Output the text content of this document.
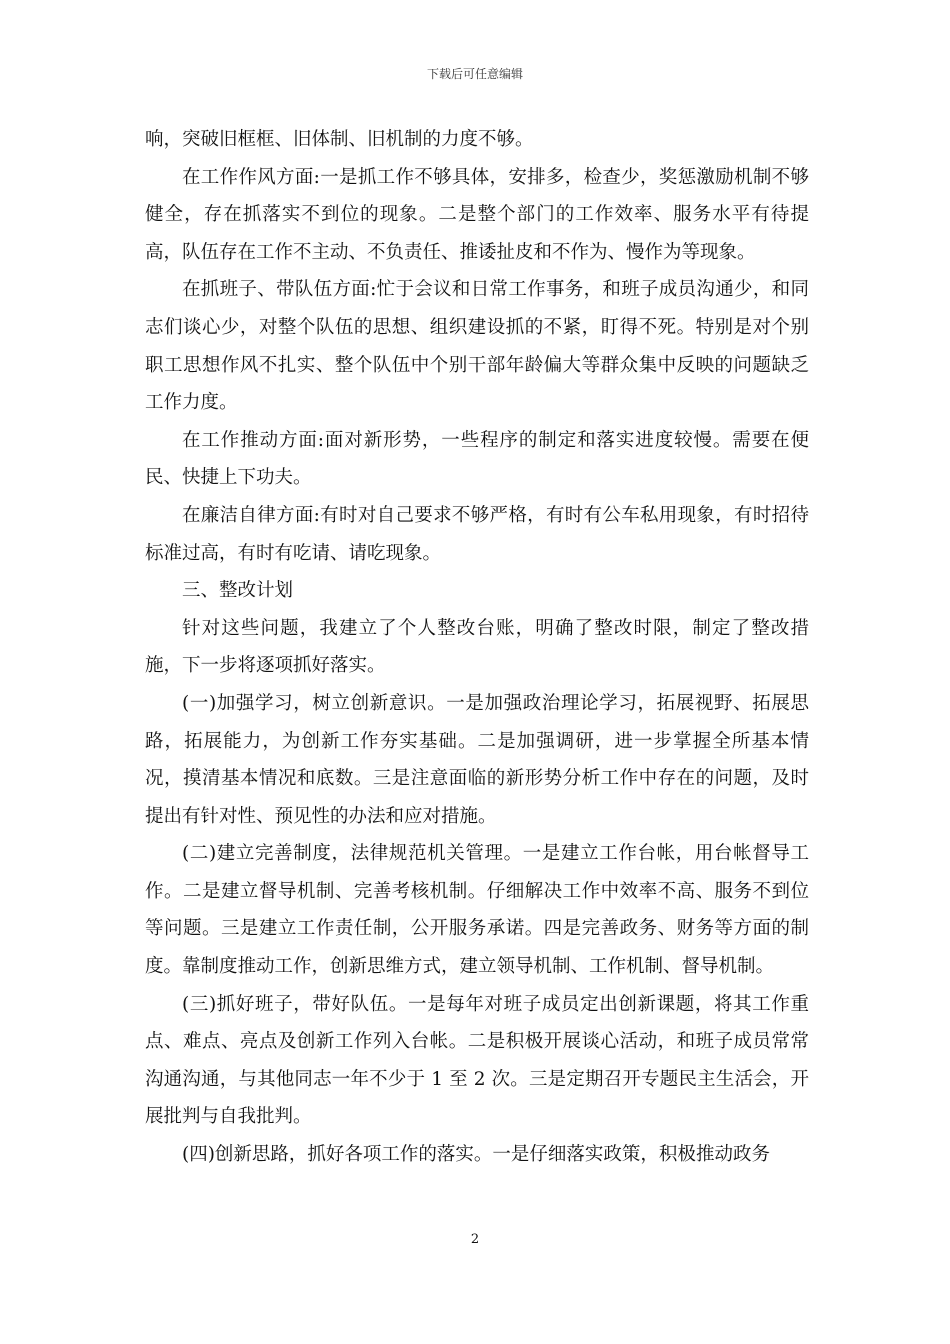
下载后可任意编辑

响，突破旧框框、旧体制、旧机制的力度不够。

在工作作风方面:一是抓工作不够具体，安排多，检查少，奖惩激励机制不够健全，存在抓落实不到位的现象。二是整个部门的工作效率、服务水平有待提高，队伍存在工作不主动、不负责任、推诿扯皮和不作为、慢作为等现象。

在抓班子、带队伍方面:忙于会议和日常工作事务，和班子成员沟通少，和同志们谈心少，对整个队伍的思想、组织建设抓的不紧，盯得不死。特别是对个别职工思想作风不扎实、整个队伍中个别干部年龄偏大等群众集中反映的问题缺乏工作力度。

在工作推动方面:面对新形势，一些程序的制定和落实进度较慢。需要在便民、快捷上下功夫。

在廉洁自律方面:有时对自己要求不够严格，有时有公车私用现象，有时招待标准过高，有时有吃请、请吃现象。

三、整改计划

针对这些问题，我建立了个人整改台账，明确了整改时限，制定了整改措施，下一步将逐项抓好落实。

(一)加强学习，树立创新意识。一是加强政治理论学习，拓展视野、拓展思路，拓展能力，为创新工作夯实基础。二是加强调研，进一步掌握全所基本情况，摸清基本情况和底数。三是注意面临的新形势分析工作中存在的问题，及时提出有针对性、预见性的办法和应对措施。

(二)建立完善制度，法律规范机关管理。一是建立工作台帐，用台帐督导工作。二是建立督导机制、完善考核机制。仔细解决工作中效率不高、服务不到位等问题。三是建立工作责任制，公开服务承诺。四是完善政务、财务等方面的制度。靠制度推动工作，创新思维方式，建立领导机制、工作机制、督导机制。

(三)抓好班子，带好队伍。一是每年对班子成员定出创新课题，将其工作重点、难点、亮点及创新工作列入台帐。二是积极开展谈心活动，和班子成员常常沟通沟通，与其他同志一年不少于 1 至 2 次。三是定期召开专题民主生活会，开展批判与自我批判。

(四)创新思路，抓好各项工作的落实。一是仔细落实政策，积极推动政务

2
